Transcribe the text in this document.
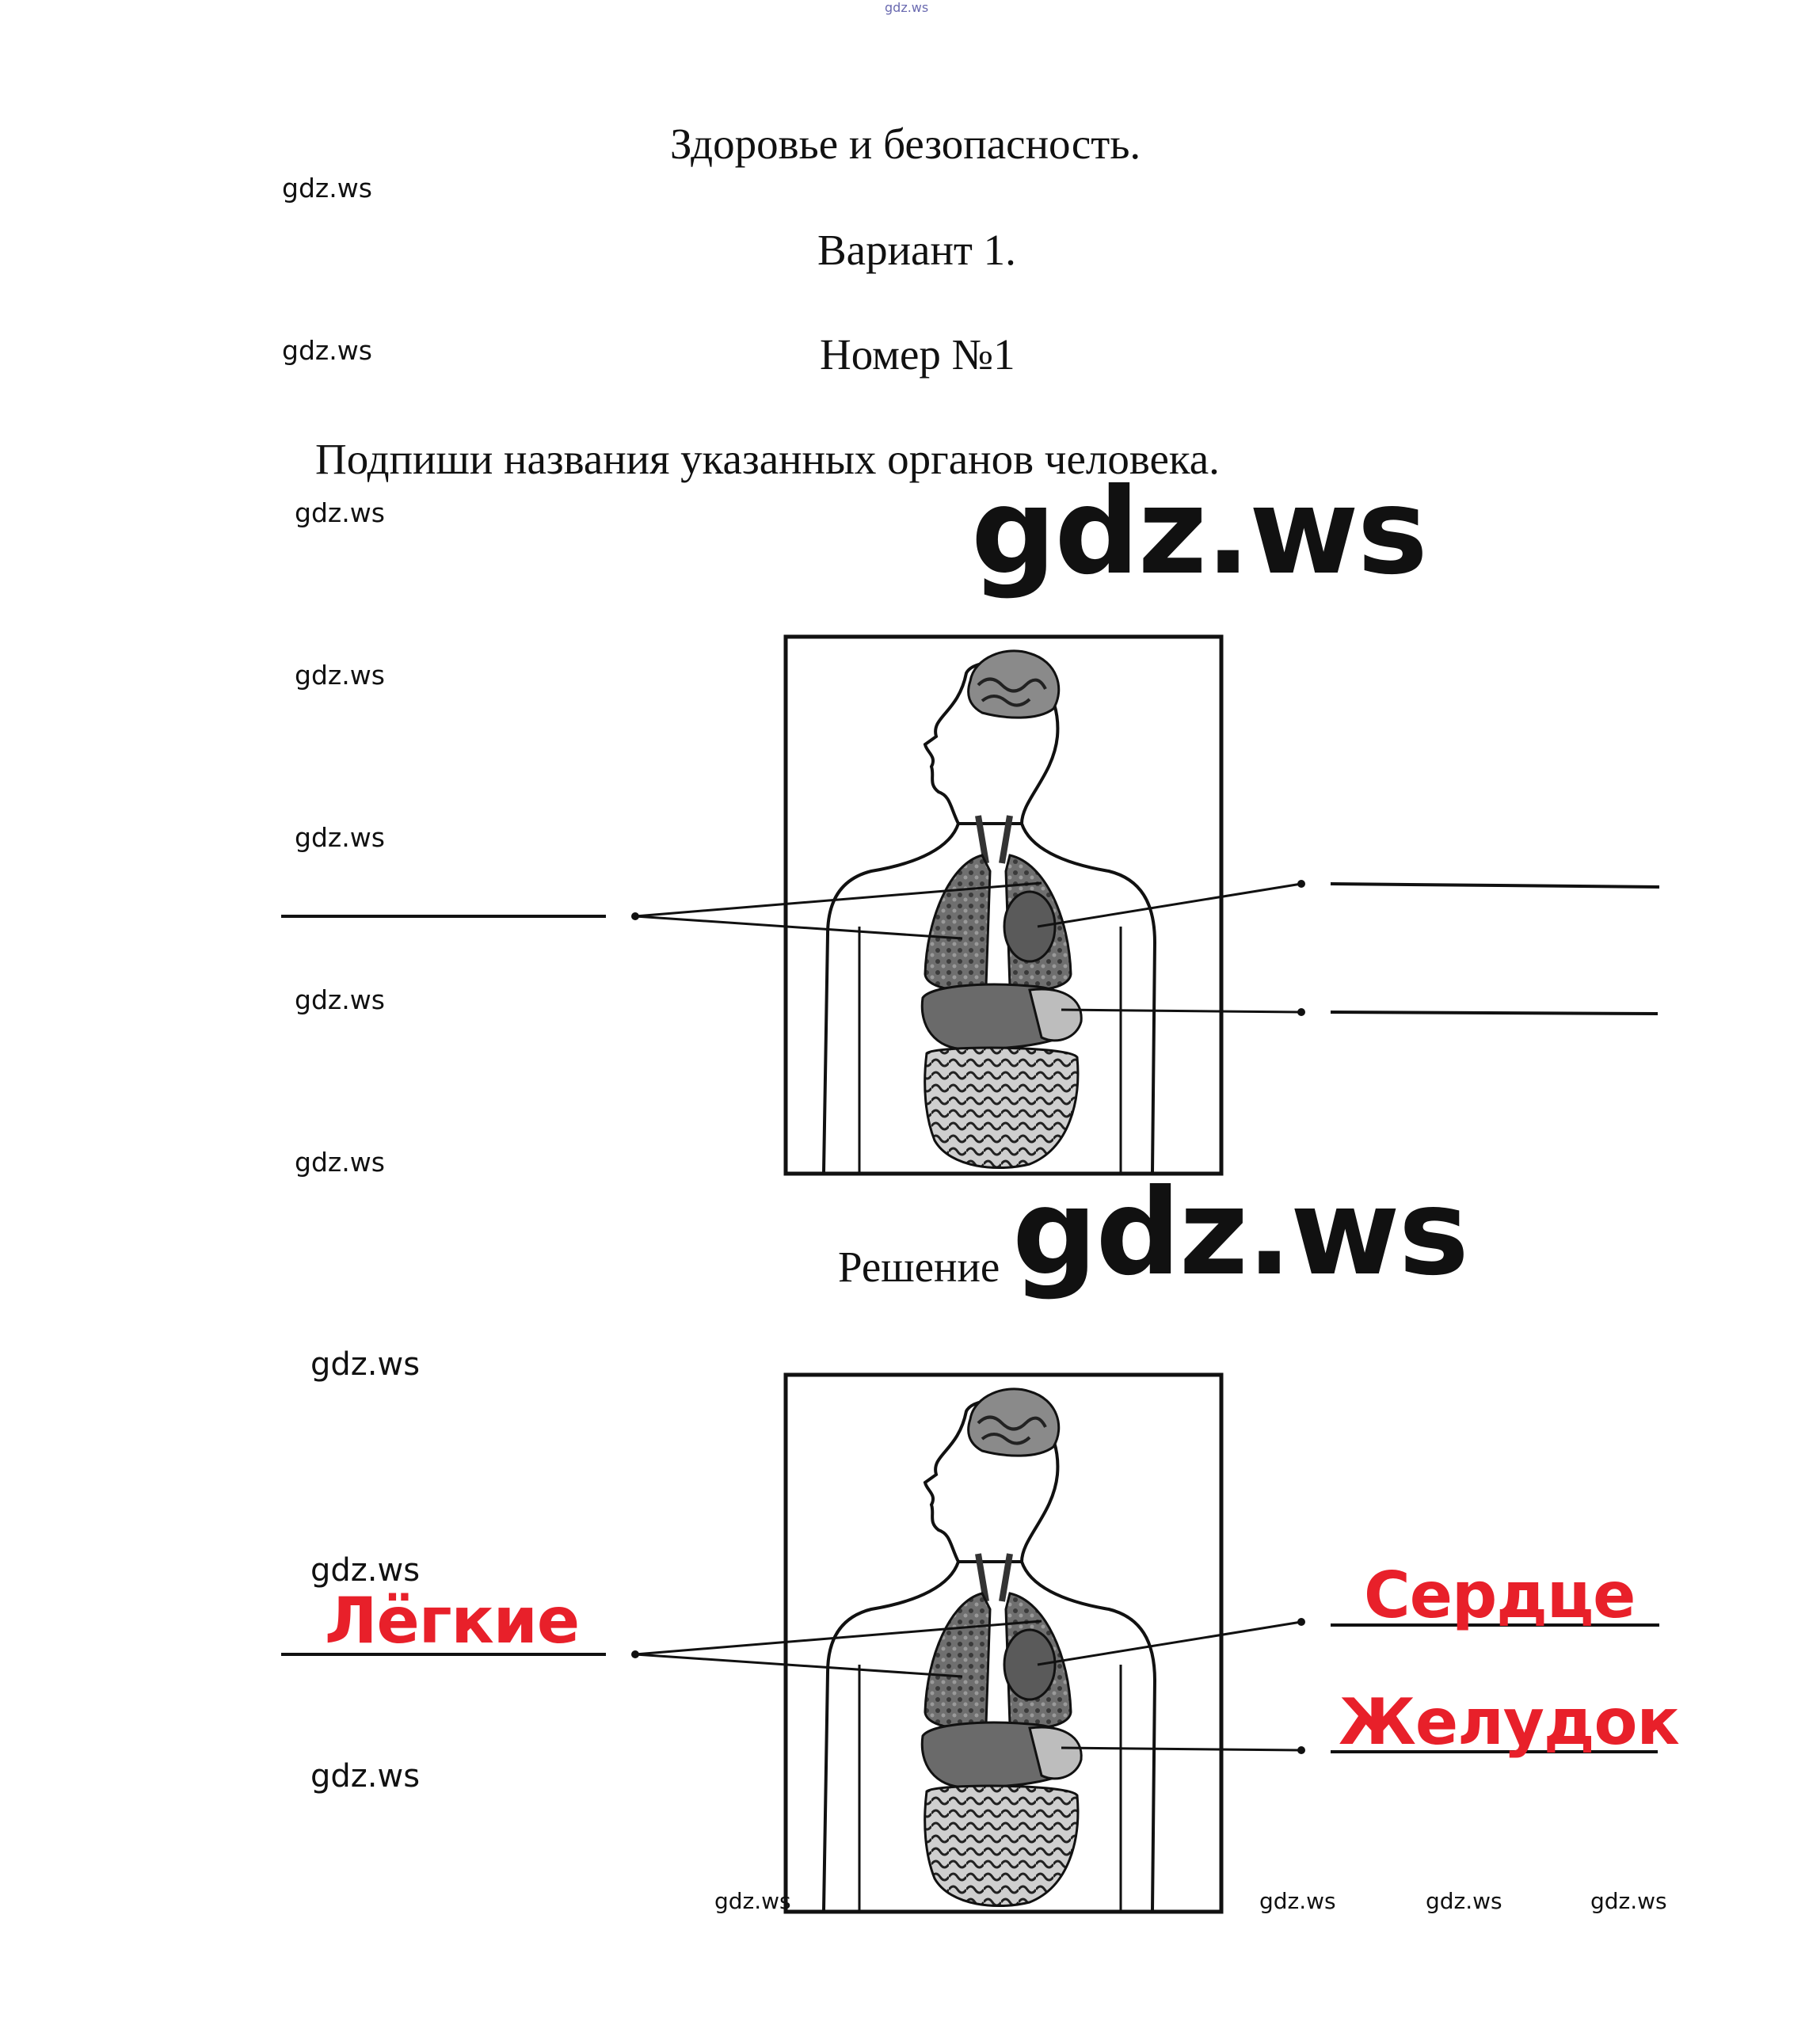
gdz.ws
Здоровье и безопасность.
Вариант 1.
Номер №1
Подпиши названия указанных органов человека.
gdz.ws
gdz.ws
gdz.ws
gdz.ws
gdz.ws
gdz.ws
gdz.ws
gdz.ws
Решение gdz.ws
gdz.ws
gdz.ws
gdz.ws
Лёгкие	Сердце
Желудок
gdz.ws	gdz.ws	gdz.ws	gdz.ws
